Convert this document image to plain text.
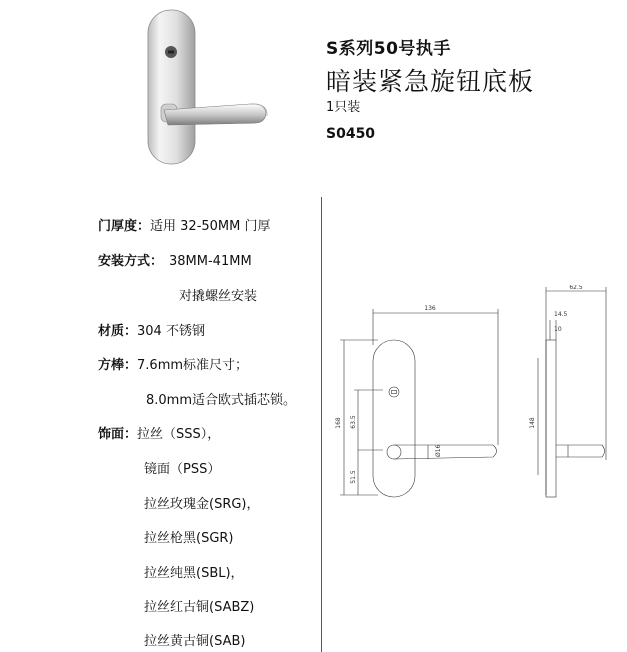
S系列50号执手
暗装紧急旋钮底板
1只装
S0450
门厚度：适用 32-50MM 门厚
安装方式： 38MM-41MM
对撬螺丝安装
材质：304 不锈钢
方棒：7.6mm标准尺寸；
8.0mm适合欧式插芯锁。
饰面：拉丝（SSS），
镜面（PSS）
拉丝玫瑰金(SRG)，
拉丝枪黑(SGR)
拉丝纯黑(SBL)，
拉丝红古铜(SABZ)
拉丝黄古铜(SAB)
136
168 63.5
51.5
Ø16
62.5
14.5
10
148
